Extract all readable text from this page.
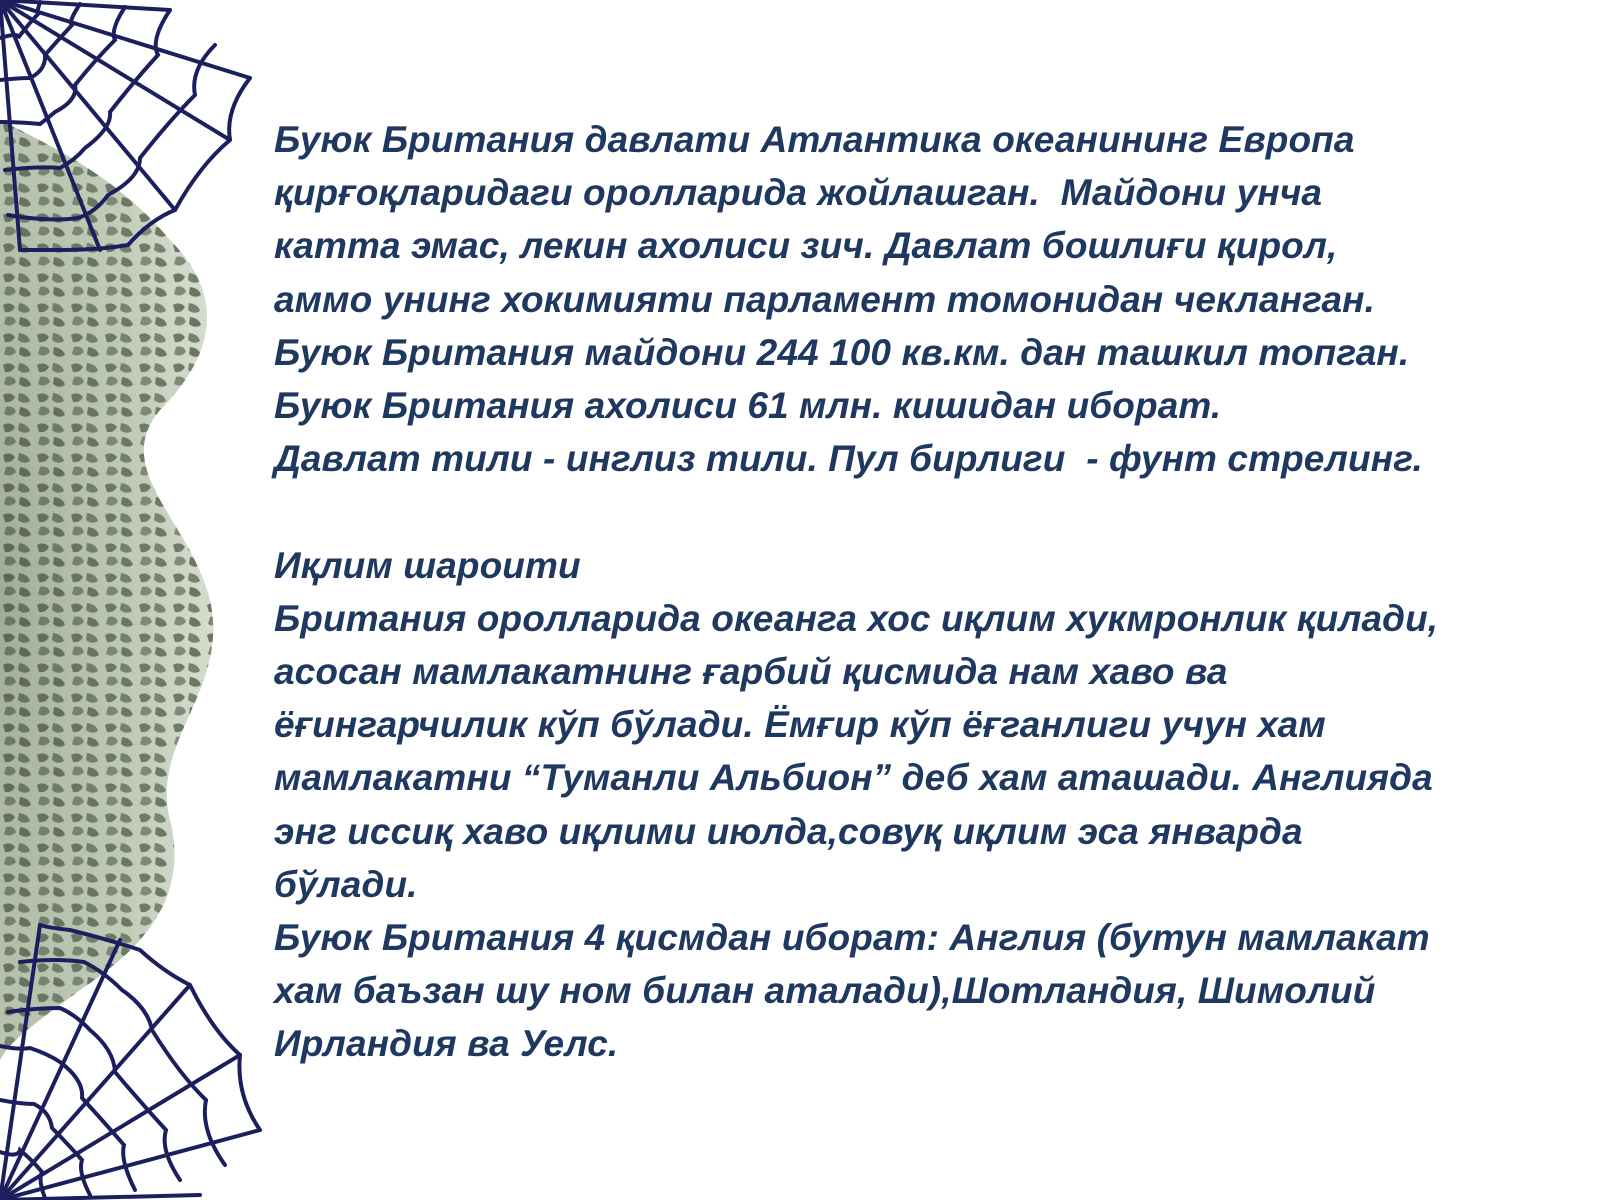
Буюк Британия давлати Атлантика океанининг Европа
қирғоқларидаги оролларида жойлашган.  Майдони унча
катта эмас, лекин ахолиси зич. Давлат бошлиғи қирол,
аммо унинг хокимияти парламент томонидан чекланган.
Буюк Британия майдони 244 100 кв.км. дан ташкил топган.
Буюк Британия ахолиси 61 млн. кишидан иборат.
Давлат тили - инглиз тили. Пул бирлиги  - фунт стрелинг.
Иқлим шароити
Британия оролларида океанга хос иқлим хукмронлик қилади,
асосан мамлакатнинг ғарбий қисмида нам хаво ва
ёғингарчилик кўп бўлади. Ёмғир кўп ёғганлиги учун хам
мамлакатни “Туманли Альбион” деб хам аташади. Англияда
энг иссиқ хаво иқлими июлда,совуқ иқлим эса январда
бўлади.
Буюк Британия 4 қисмдан иборат: Англия (бутун мамлакат
хам баъзан шу ном билан аталади),Шотландия, Шимолий
Ирландия ва Уелс.
